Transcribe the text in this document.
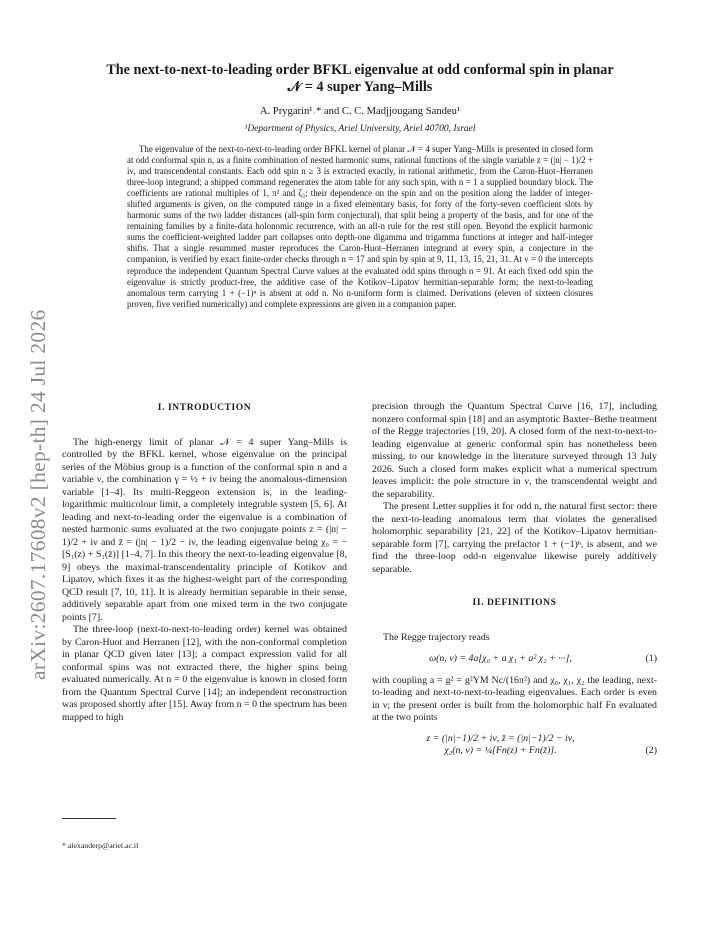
arXiv:2607.17608v2 [hep-th] 24 Jul 2026
The next-to-next-to-leading order BFKL eigenvalue at odd conformal spin in planar
𝒩 = 4 super Yang–Mills
A. Prygarin¹˒* and C. C. Madjjougang Sandeu¹
¹Department of Physics, Ariel University, Ariel 40700, Israel
The eigenvalue of the next-to-next-to-leading order BFKL kernel of planar 𝒩 = 4 super Yang–Mills is presented in closed form at odd conformal spin n, as a finite combination of nested harmonic sums, rational functions of the single variable z = (|n| − 1)/2 + iν, and transcendental constants. Each odd spin n ≥ 3 is extracted exactly, in rational arithmetic, from the Caron-Huot–Herranen three-loop integrand; a shipped command regenerates the atom table for any such spin, with n = 1 a supplied boundary block. The coefficients are rational multiples of 1, π² and ζ₃; their dependence on the spin and on the position along the ladder of integer-shifted arguments is given, on the computed range in a fixed elementary basis, for forty of the forty-seven coefficient slots by harmonic sums of the two ladder distances (all-spin form conjectural), that split being a property of the basis, and for one of the remaining families by a finite-data holonomic recurrence, with an all-n rule for the rest still open. Beyond the explicit harmonic sums the coefficient-weighted ladder part collapses onto depth-one digamma and trigamma functions at integer and half-integer shifts. That a single resummed master reproduces the Caron-Huot–Herranen integrand at every spin, a conjecture in the companion, is verified by exact finite-order checks through n = 17 and spin by spin at 9, 11, 13, 15, 21, 31. At ν = 0 the intercepts reproduce the independent Quantum Spectral Curve values at the evaluated odd spins through n = 91. At each fixed odd spin the eigenvalue is strictly product-free, the additive case of the Kotikov–Lipatov hermitian-separable form; the next-to-leading anomalous term carrying 1 + (−1)ⁿ is absent at odd n. No n-uniform form is claimed. Derivations (eleven of sixteen closures proven, five verified numerically) and complete expressions are given in a companion paper.
I. INTRODUCTION

The high-energy limit of planar 𝒩 = 4 super Yang–Mills is controlled by the BFKL kernel, whose eigenvalue on the principal series of the Möbius group is a function of the conformal spin n and a variable ν, the combination γ = ½ + iν being the anomalous-dimension variable [1–4]. Its multi-Reggeon extension is, in the leading-logarithmic multicolour limit, a completely integrable system [5, 6]. At leading and next-to-leading order the eigenvalue is a combination of nested harmonic sums evaluated at the two conjugate points z = (|n| − 1)/2 + iν and z̄ = (|n| − 1)/2 − iν, the leading eigenvalue being χ₀ = −[S₁(z) + S₁(z̄)] [1–4, 7]. In this theory the next-to-leading eigenvalue [8, 9] obeys the maximal-transcendentality principle of Kotikov and Lipatov, which fixes it as the highest-weight part of the corresponding QCD result [7, 10, 11]. It is already hermitian separable in their sense, additively separable apart from one mixed term in the two conjugate points [7].

The three-loop (next-to-next-to-leading order) kernel was obtained by Caron-Huot and Herranen [12], with the non-conformal completion in planar QCD given later [13]; a compact expression valid for all conformal spins was not extracted there, the higher spins being evaluated numerically. At n = 0 the eigenvalue is known in closed form from the Quantum Spectral Curve [14]; an independent reconstruction was proposed shortly after [15]. Away from n = 0 the spectrum has been mapped to high

precision through the Quantum Spectral Curve [16, 17], including nonzero conformal spin [18] and an asymptotic Baxter–Bethe treatment of the Regge trajectories [19, 20]. A closed form of the next-to-next-to-leading eigenvalue at generic conformal spin has nonetheless been missing, to our knowledge in the literature surveyed through 13 July 2026. Such a closed form makes explicit what a numerical spectrum leaves implicit: the pole structure in ν, the transcendental weight and the separability.

The present Letter supplies it for odd n, the natural first sector: there the next-to-leading anomalous term that violates the generalised holomorphic separability [21, 22] of the Kotikov–Lipatov hermitian-separable form [7], carrying the prefactor 1 + (−1)ⁿ, is absent, and we find the three-loop odd-n eigenvalue likewise purely additively separable.

II. DEFINITIONS

The Regge trajectory reads

ω(n, ν) = 4a[χ₀ + a χ₁ + a² χ₂ + ···],	(1)

with coupling a = g² = g²YM Nc/(16π²) and χ₀, χ₁, χ₂ the leading, next-to-leading and next-to-next-to-leading eigenvalues. Each order is even in ν; the present order is built from the holomorphic half Fn evaluated at the two points

z = (|n|−1)/2 + iν, z̄ = (|n|−1)/2 − iν,
χ₂(n, ν) = ¼[Fn(z) + Fn(z̄)].	(2)
* alexanderp@ariel.ac.il
